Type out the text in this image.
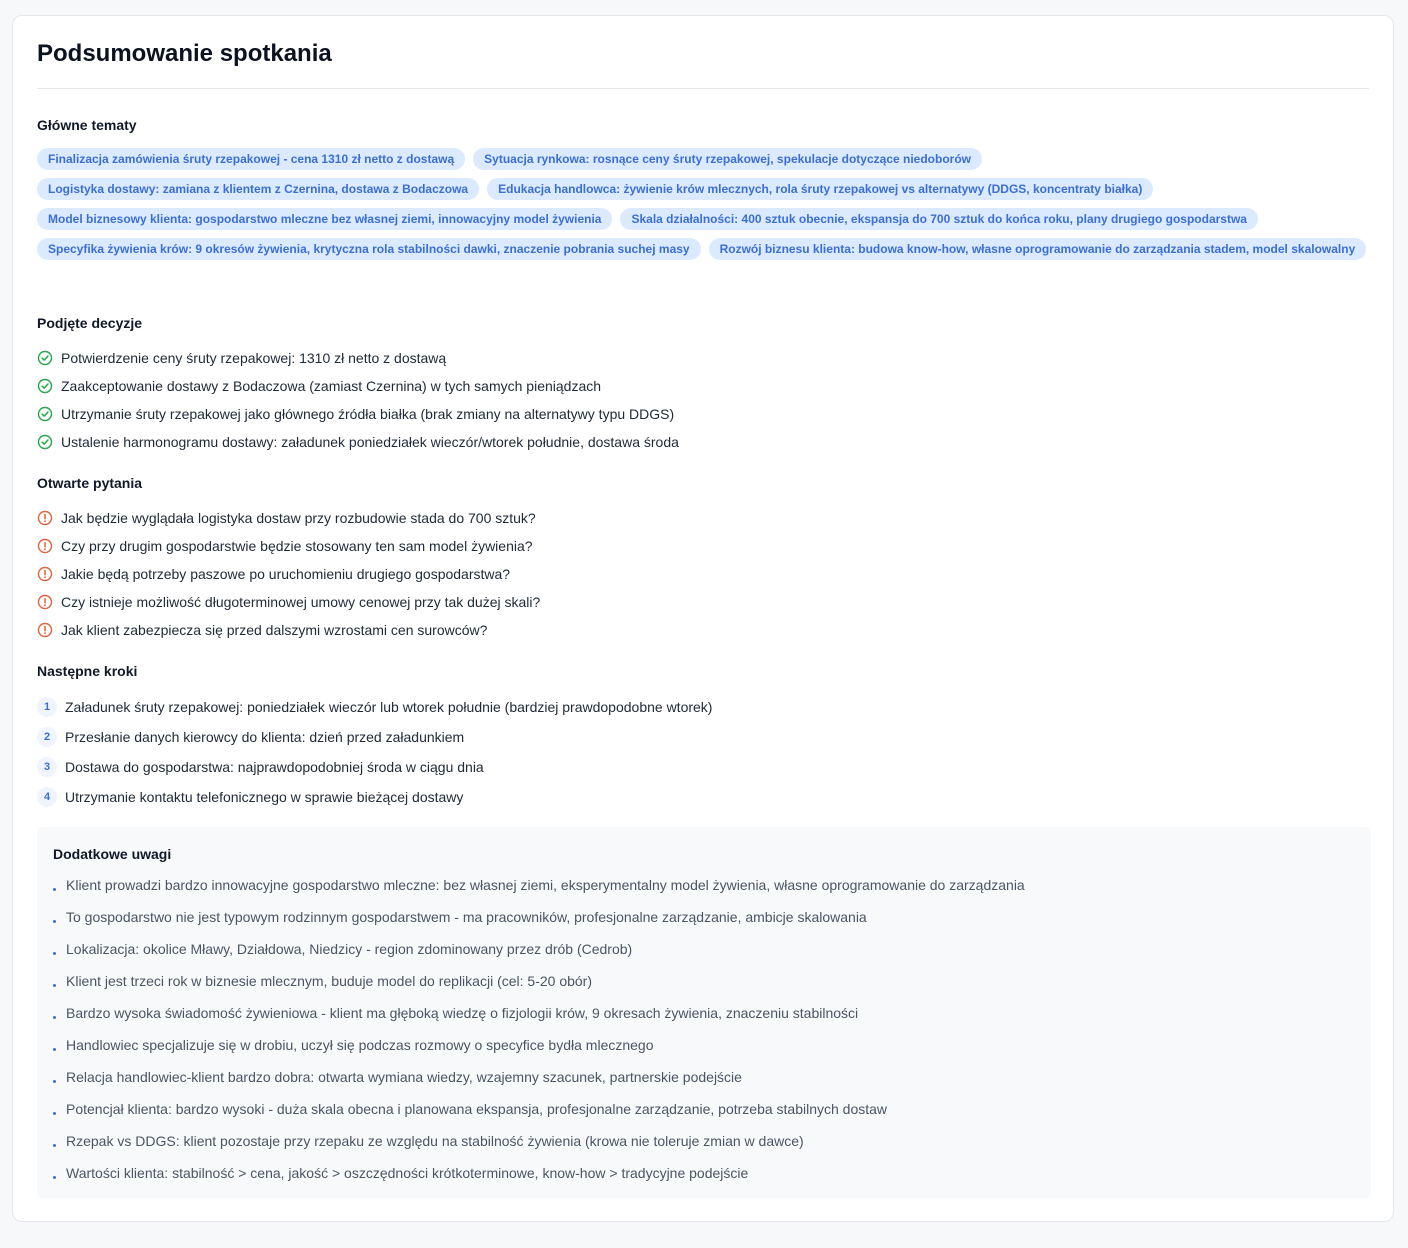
Podsumowanie spotkania
Główne tematy
Finalizacja zamówienia śruty rzepakowej - cena 1310 zł netto z dostawą	Sytuacja rynkowa: rosnące ceny śruty rzepakowej, spekulacje dotyczące niedoborów
Logistyka dostawy: zamiana z klientem z Czernina, dostawa z Bodaczowa	Edukacja handlowca: żywienie krów mlecznych, rola śruty rzepakowej vs alternatywy (DDGS, koncentraty białka)
Model biznesowy klienta: gospodarstwo mleczne bez własnej ziemi, innowacyjny model żywienia	Skala działalności: 400 sztuk obecnie, ekspansja do 700 sztuk do końca roku, plany drugiego gospodarstwa
Specyfika żywienia krów: 9 okresów żywienia, krytyczna rola stabilności dawki, znaczenie pobrania suchej masy	Rozwój biznesu klienta: budowa know-how, własne oprogramowanie do zarządzania stadem, model skalowalny
Podjęte decyzje
Potwierdzenie ceny śruty rzepakowej: 1310 zł netto z dostawą
Zaakceptowanie dostawy z Bodaczowa (zamiast Czernina) w tych samych pieniądzach
Utrzymanie śruty rzepakowej jako głównego źródła białka (brak zmiany na alternatywy typu DDGS)
Ustalenie harmonogramu dostawy: załadunek poniedziałek wieczór/wtorek południe, dostawa środa
Otwarte pytania
Jak będzie wyglądała logistyka dostaw przy rozbudowie stada do 700 sztuk?
Czy przy drugim gospodarstwie będzie stosowany ten sam model żywienia?
Jakie będą potrzeby paszowe po uruchomieniu drugiego gospodarstwa?
Czy istnieje możliwość długoterminowej umowy cenowej przy tak dużej skali?
Jak klient zabezpiecza się przed dalszymi wzrostami cen surowców?
Następne kroki
1	Załadunek śruty rzepakowej: poniedziałek wieczór lub wtorek południe (bardziej prawdopodobne wtorek)
2	Przesłanie danych kierowcy do klienta: dzień przed załadunkiem
3	Dostawa do gospodarstwa: najprawdopodobniej środa w ciągu dnia
4	Utrzymanie kontaktu telefonicznego w sprawie bieżącej dostawy
Dodatkowe uwagi
Klient prowadzi bardzo innowacyjne gospodarstwo mleczne: bez własnej ziemi, eksperymentalny model żywienia, własne oprogramowanie do zarządzania
To gospodarstwo nie jest typowym rodzinnym gospodarstwem - ma pracowników, profesjonalne zarządzanie, ambicje skalowania
Lokalizacja: okolice Mławy, Działdowa, Niedzicy - region zdominowany przez drób (Cedrob)
Klient jest trzeci rok w biznesie mlecznym, buduje model do replikacji (cel: 5-20 obór)
Bardzo wysoka świadomość żywieniowa - klient ma głęboką wiedzę o fizjologii krów, 9 okresach żywienia, znaczeniu stabilności
Handlowiec specjalizuje się w drobiu, uczył się podczas rozmowy o specyfice bydła mlecznego
Relacja handlowiec-klient bardzo dobra: otwarta wymiana wiedzy, wzajemny szacunek, partnerskie podejście
Potencjał klienta: bardzo wysoki - duża skala obecna i planowana ekspansja, profesjonalne zarządzanie, potrzeba stabilnych dostaw
Rzepak vs DDGS: klient pozostaje przy rzepaku ze względu na stabilność żywienia (krowa nie toleruje zmian w dawce)
Wartości klienta: stabilność > cena, jakość > oszczędności krótkoterminowe, know-how > tradycyjne podejście
